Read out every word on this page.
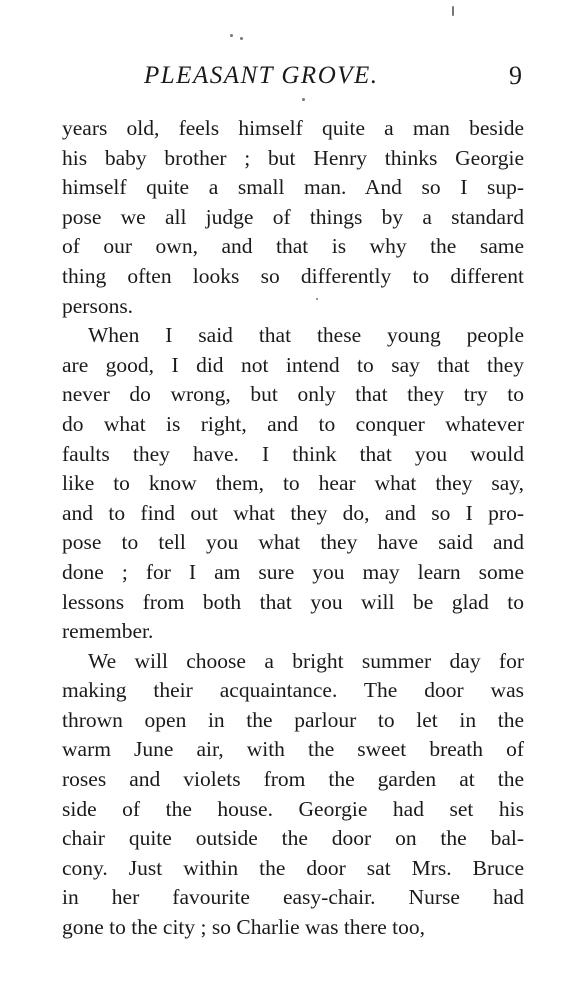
PLEASANT GROVE.	9
years old, feels himself quite a man beside
his baby brother ; but Henry thinks Georgie
himself quite a small man. And so I sup-
pose we all judge of things by a standard
of our own, and that is why the same
thing often looks so differently to different
persons.
When I said that these young people
are good, I did not intend to say that they
never do wrong, but only that they try to
do what is right, and to conquer whatever
faults they have. I think that you would
like to know them, to hear what they say,
and to find out what they do, and so I pro-
pose to tell you what they have said and
done ; for I am sure you may learn some
lessons from both that you will be glad to
remember.
We will choose a bright summer day for
making their acquaintance. The door was
thrown open in the parlour to let in the
warm June air, with the sweet breath of
roses and violets from the garden at the
side of the house. Georgie had set his
chair quite outside the door on the bal-
cony. Just within the door sat Mrs. Bruce
in her favourite easy-chair. Nurse had
gone to the city ; so Charlie was there too,
